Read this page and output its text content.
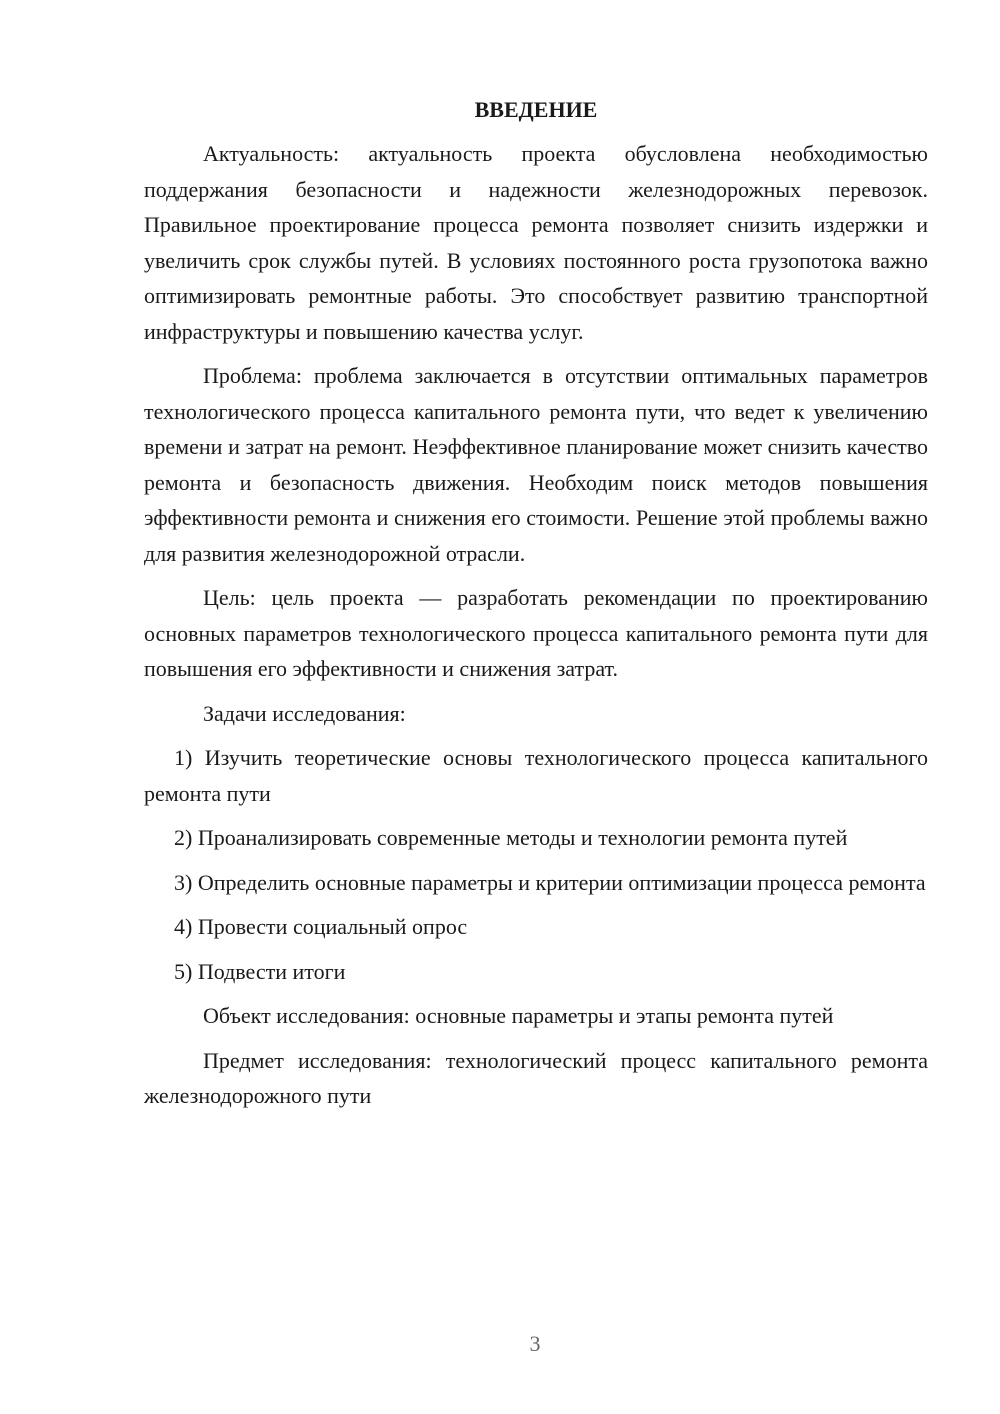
ВВЕДЕНИЕ

Актуальность: актуальность проекта обусловлена необходимостью поддержания безопасности и надежности железнодорожных перевозок. Правильное проектирование процесса ремонта позволяет снизить издержки и увеличить срок службы путей. В условиях постоянного роста грузопотока важно оптимизировать ремонтные работы. Это способствует развитию транспортной инфраструктуры и повышению качества услуг.

Проблема: проблема заключается в отсутствии оптимальных параметров технологического процесса капитального ремонта пути, что ведет к увеличению времени и затрат на ремонт. Неэффективное планирование может снизить качество ремонта и безопасность движения. Необходим поиск методов повышения эффективности ремонта и снижения его стоимости. Решение этой проблемы важно для развития железнодорожной отрасли.

Цель: цель проекта — разработать рекомендации по проектированию основных параметров технологического процесса капитального ремонта пути для повышения его эффективности и снижения затрат.

Задачи исследования:

1) Изучить теоретические основы технологического процесса капитального ремонта пути

2) Проанализировать современные методы и технологии ремонта путей

3) Определить основные параметры и критерии оптимизации процесса ремонта

4) Провести социальный опрос

5) Подвести итоги

Объект исследования: основные параметры и этапы ремонта путей

Предмет исследования: технологический процесс капитального ремонта железнодорожного пути

3
